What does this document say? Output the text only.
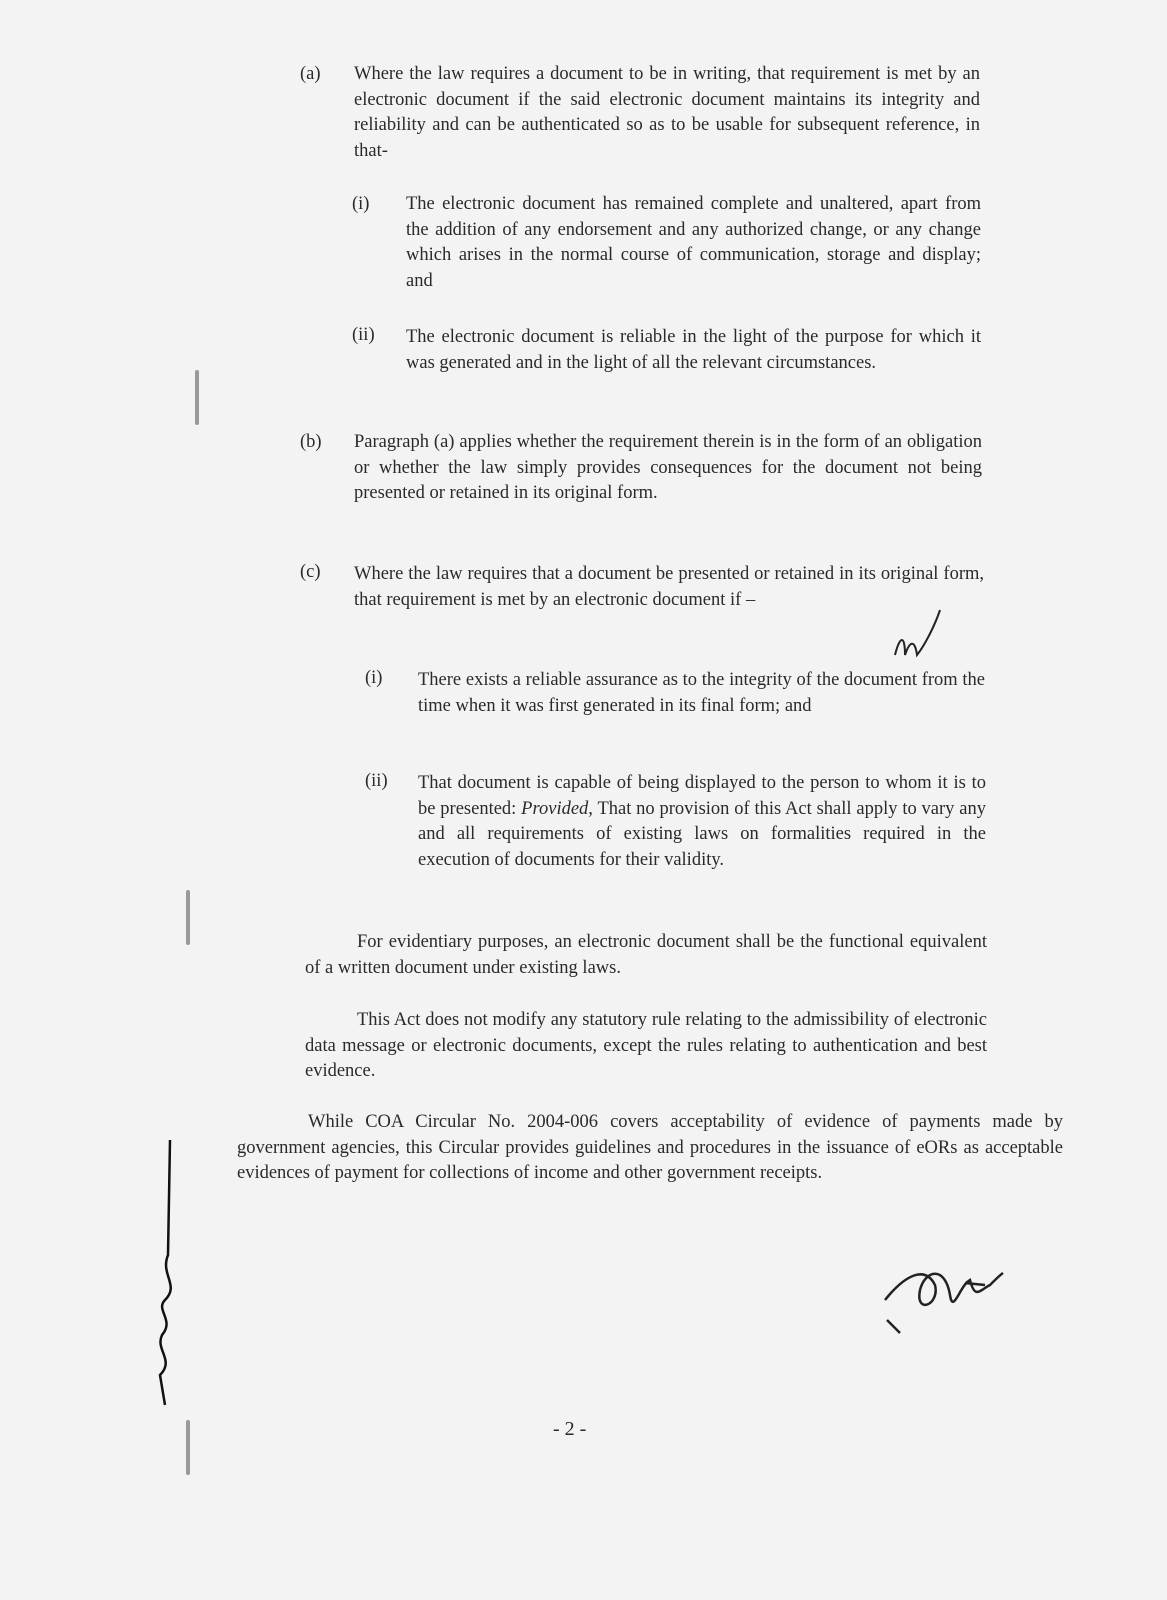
(a) Where the law requires a document to be in writing, that requirement is met by an electronic document if the said electronic document maintains its integrity and reliability and can be authenticated so as to be usable for subsequent reference, in that-
(i) The electronic document has remained complete and unaltered, apart from the addition of any endorsement and any authorized change, or any change which arises in the normal course of communication, storage and display; and
(ii) The electronic document is reliable in the light of the purpose for which it was generated and in the light of all the relevant circumstances.
(b) Paragraph (a) applies whether the requirement therein is in the form of an obligation or whether the law simply provides consequences for the document not being presented or retained in its original form.
(c) Where the law requires that a document be presented or retained in its original form, that requirement is met by an electronic document if –
(i) There exists a reliable assurance as to the integrity of the document from the time when it was first generated in its final form; and
(ii) That document is capable of being displayed to the person to whom it is to be presented: Provided, That no provision of this Act shall apply to vary any and all requirements of existing laws on formalities required in the execution of documents for their validity.
For evidentiary purposes, an electronic document shall be the functional equivalent of a written document under existing laws.
This Act does not modify any statutory rule relating to the admissibility of electronic data message or electronic documents, except the rules relating to authentication and best evidence.
While COA Circular No. 2004-006 covers acceptability of evidence of payments made by government agencies, this Circular provides guidelines and procedures in the issuance of eORs as acceptable evidences of payment for collections of income and other government receipts.
- 2 -
